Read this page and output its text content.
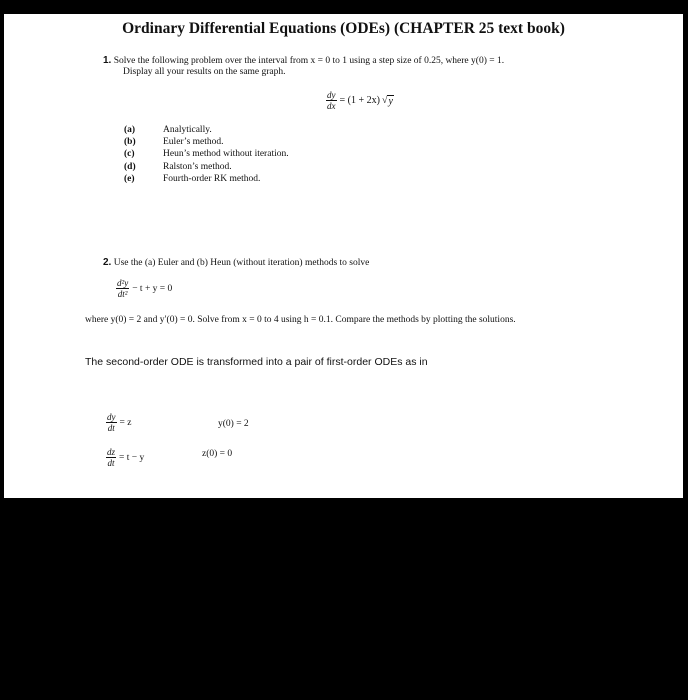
Ordinary Differential Equations (ODEs) (CHAPTER 25 text book)
1. Solve the following problem over the interval from x = 0 to 1 using a step size of 0.25, where y(0) = 1.
Display all your results on the same graph.
$\frac{dy}{dx} = (1 + 2x)$ √ y
(a)	Analytically.
(b)	Euler’s method.
(c)	Heun’s method without iteration.
(d)	Ralston’s method.
(e)	Fourth-order RK method.
2. Use the (a) Euler and (b) Heun (without iteration) methods to solve
$\frac{\text{d²y}}{\text{dt²}} - t + y = 0$
where y(0) = 2 and y′(0) = 0. Solve from x = 0 to 4 using h = 0.1. Compare the methods by plotting the solutions.
The second-order ODE is transformed into a pair of first-order ODEs as in
$\frac{dy}{dt} = z$	y(0) = 2
$\frac{dz}{dt} = t - y$	z(0) = 0
